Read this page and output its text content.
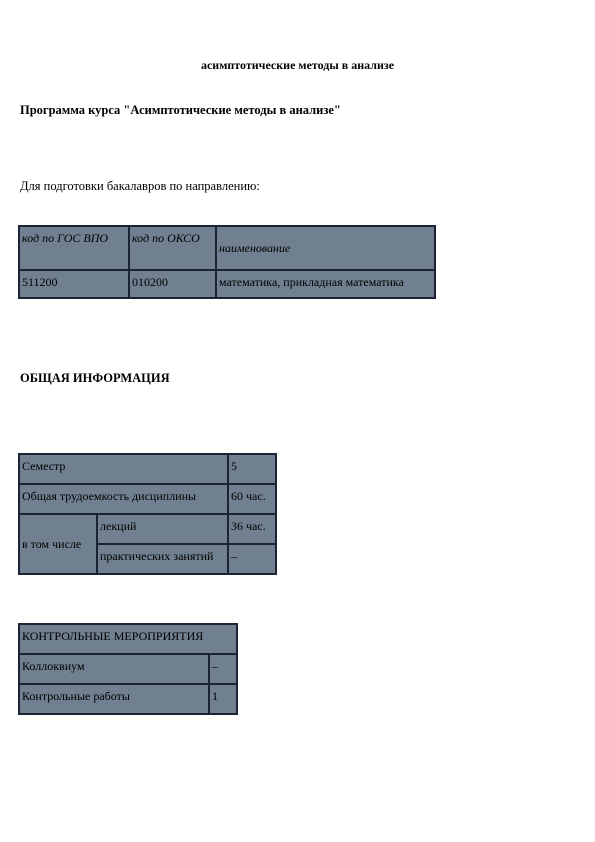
асимптотические методы в анализе
Программа курса "Асимптотические методы в анализе"
Для подготовки бакалавров по направлению:
код по ГОС ВПО	код по ОКСО	наименование
511200	010200	математика, прикладная математика
ОБЩАЯ ИНФОРМАЦИЯ
Семестр		5
Общая трудоемкость дисциплины		60 час.
в том числе	лекций	36 час.
	практических занятий	–
КОНТРОЛЬНЫЕ МЕРОПРИЯТИЯ	
Коллоквиум	–
Контрольные работы	1
